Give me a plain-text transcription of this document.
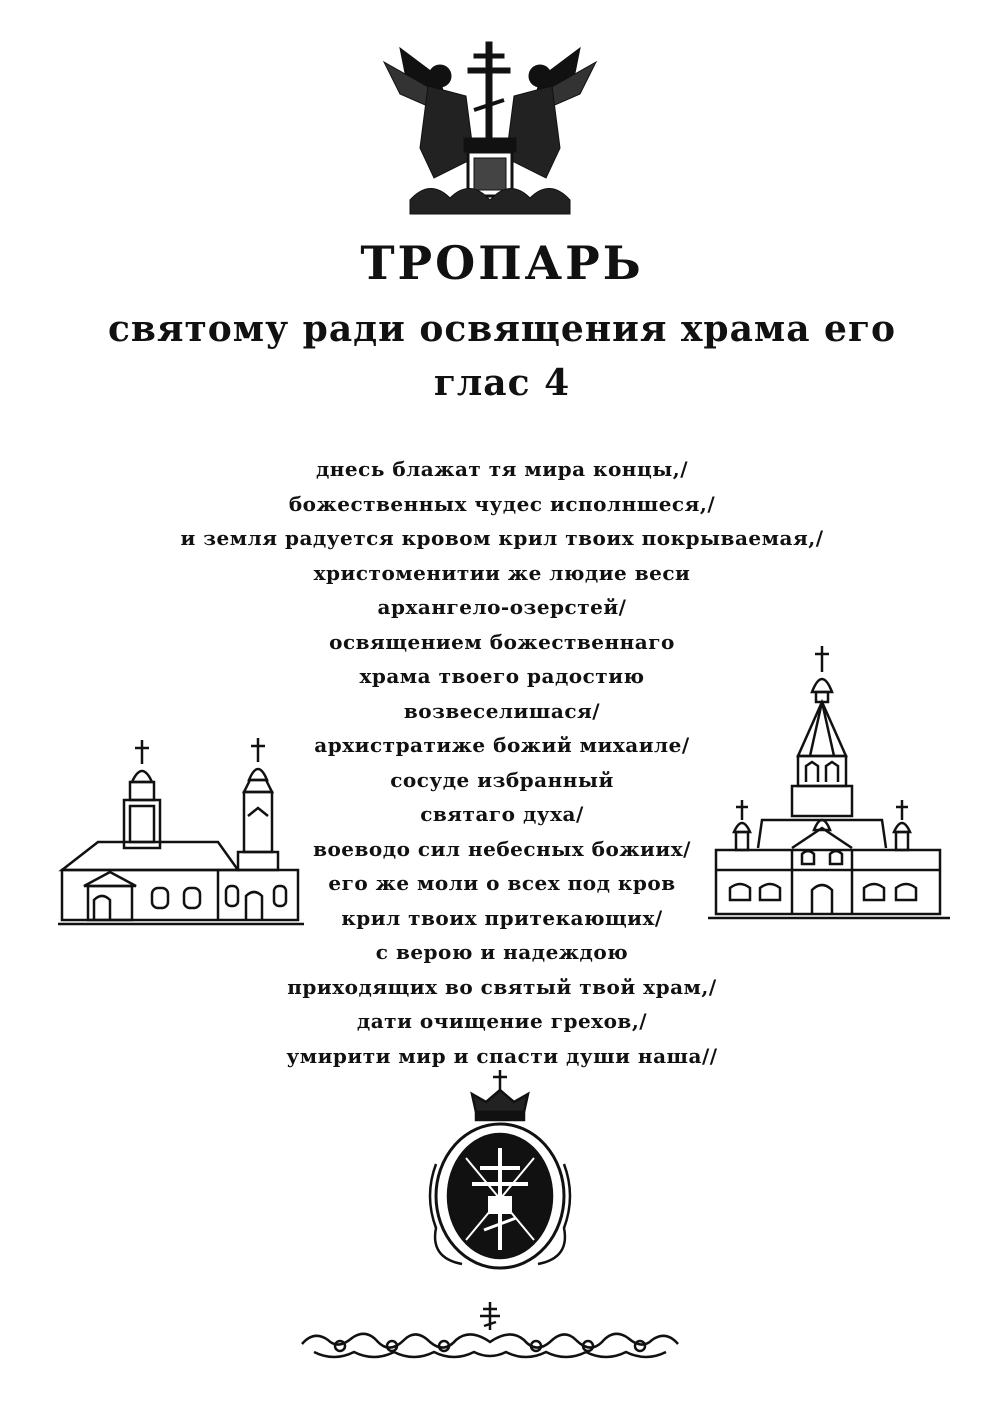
ТРОПАРЬ
святому ради освящения храма его
глас 4
днесь блажат тя мира концы,/
божественных чудес исполншеся,/
и земля радуется кровом крил твоих покрываемая,/
христоменитии же людие веси
архангело-озерстей/
освящением божественнаго
храма твоего радостию
возвеселишася/
архистратиже божий михаиле/
сосуде избранный
святаго духа/
воеводо сил небесных божиих/
его же моли о всех под кров
крил твоих притекающих/
с верою и надеждою
приходящих во святый твой храм,/
дати очищение грехов,/
умирити мир и спасти души наша//
